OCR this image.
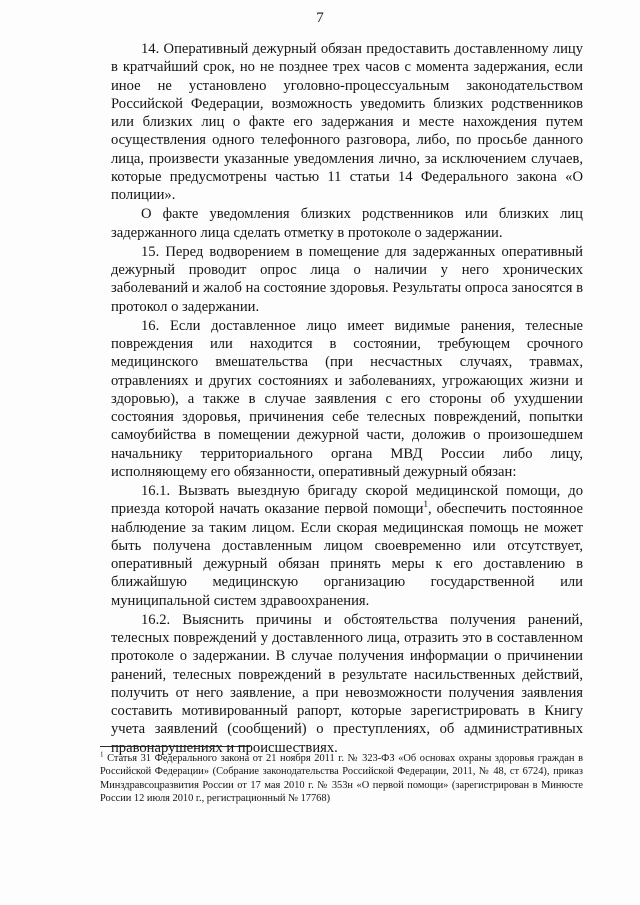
7

14. Оперативный дежурный обязан предоставить доставленному лицу в кратчайший срок, но не позднее трех часов с момента задержания, если иное не установлено уголовно-процессуальным законодательством Российской Федерации, возможность уведомить близких родственников или близких лиц о факте его задержания и месте нахождения путем осуществления одного телефонного разговора, либо, по просьбе данного лица, произвести указанные уведомления лично, за исключением случаев, которые предусмотрены частью 11 статьи 14 Федерального закона «О полиции».

О факте уведомления близких родственников или близких лиц задержанного лица сделать отметку в протоколе о задержании.

15. Перед водворением в помещение для задержанных оперативный дежурный проводит опрос лица о наличии у него хронических заболеваний и жалоб на состояние здоровья. Результаты опроса заносятся в протокол о задержании.

16. Если доставленное лицо имеет видимые ранения, телесные повреждения или находится в состоянии, требующем срочного медицинского вмешательства (при несчастных случаях, травмах, отравлениях и других состояниях и заболеваниях, угрожающих жизни и здоровью), а также в случае заявления с его стороны об ухудшении состояния здоровья, причинения себе телесных повреждений, попытки самоубийства в помещении дежурной части, доложив о произошедшем начальнику территориального органа МВД России либо лицу, исполняющему его обязанности, оперативный дежурный обязан:

16.1. Вызвать выездную бригаду скорой медицинской помощи, до приезда которой начать оказание первой помощи$^1$, обеспечить постоянное наблюдение за таким лицом. Если скорая медицинская помощь не может быть получена доставленным лицом своевременно или отсутствует, оперативный дежурный обязан принять меры к его доставлению в ближайшую медицинскую организацию государственной или муниципальной систем здравоохранения.

16.2. Выяснить причины и обстоятельства получения ранений, телесных повреждений у доставленного лица, отразить это в составленном протоколе о задержании. В случае получения информации о причинении ранений, телесных повреждений в результате насильственных действий, получить от него заявление, а при невозможности получения заявления составить мотивированный рапорт, которые зарегистрировать в Книгу учета заявлений (сообщений) о преступлениях, об административных правонарушениях и происшествиях.

$^1$ Статья 31 Федерального закона от 21 ноября 2011 г. № 323-ФЗ «Об основах охраны здоровья граждан в Российской Федерации» (Собрание законодательства Российской Федерации, 2011, № 48, ст 6724), приказ Минздравсоцразвития России от 17 мая 2010 г. № 353н «О первой помощи» (зарегистрирован в Минюсте России 12 июля 2010 г., регистрационный № 17768)
